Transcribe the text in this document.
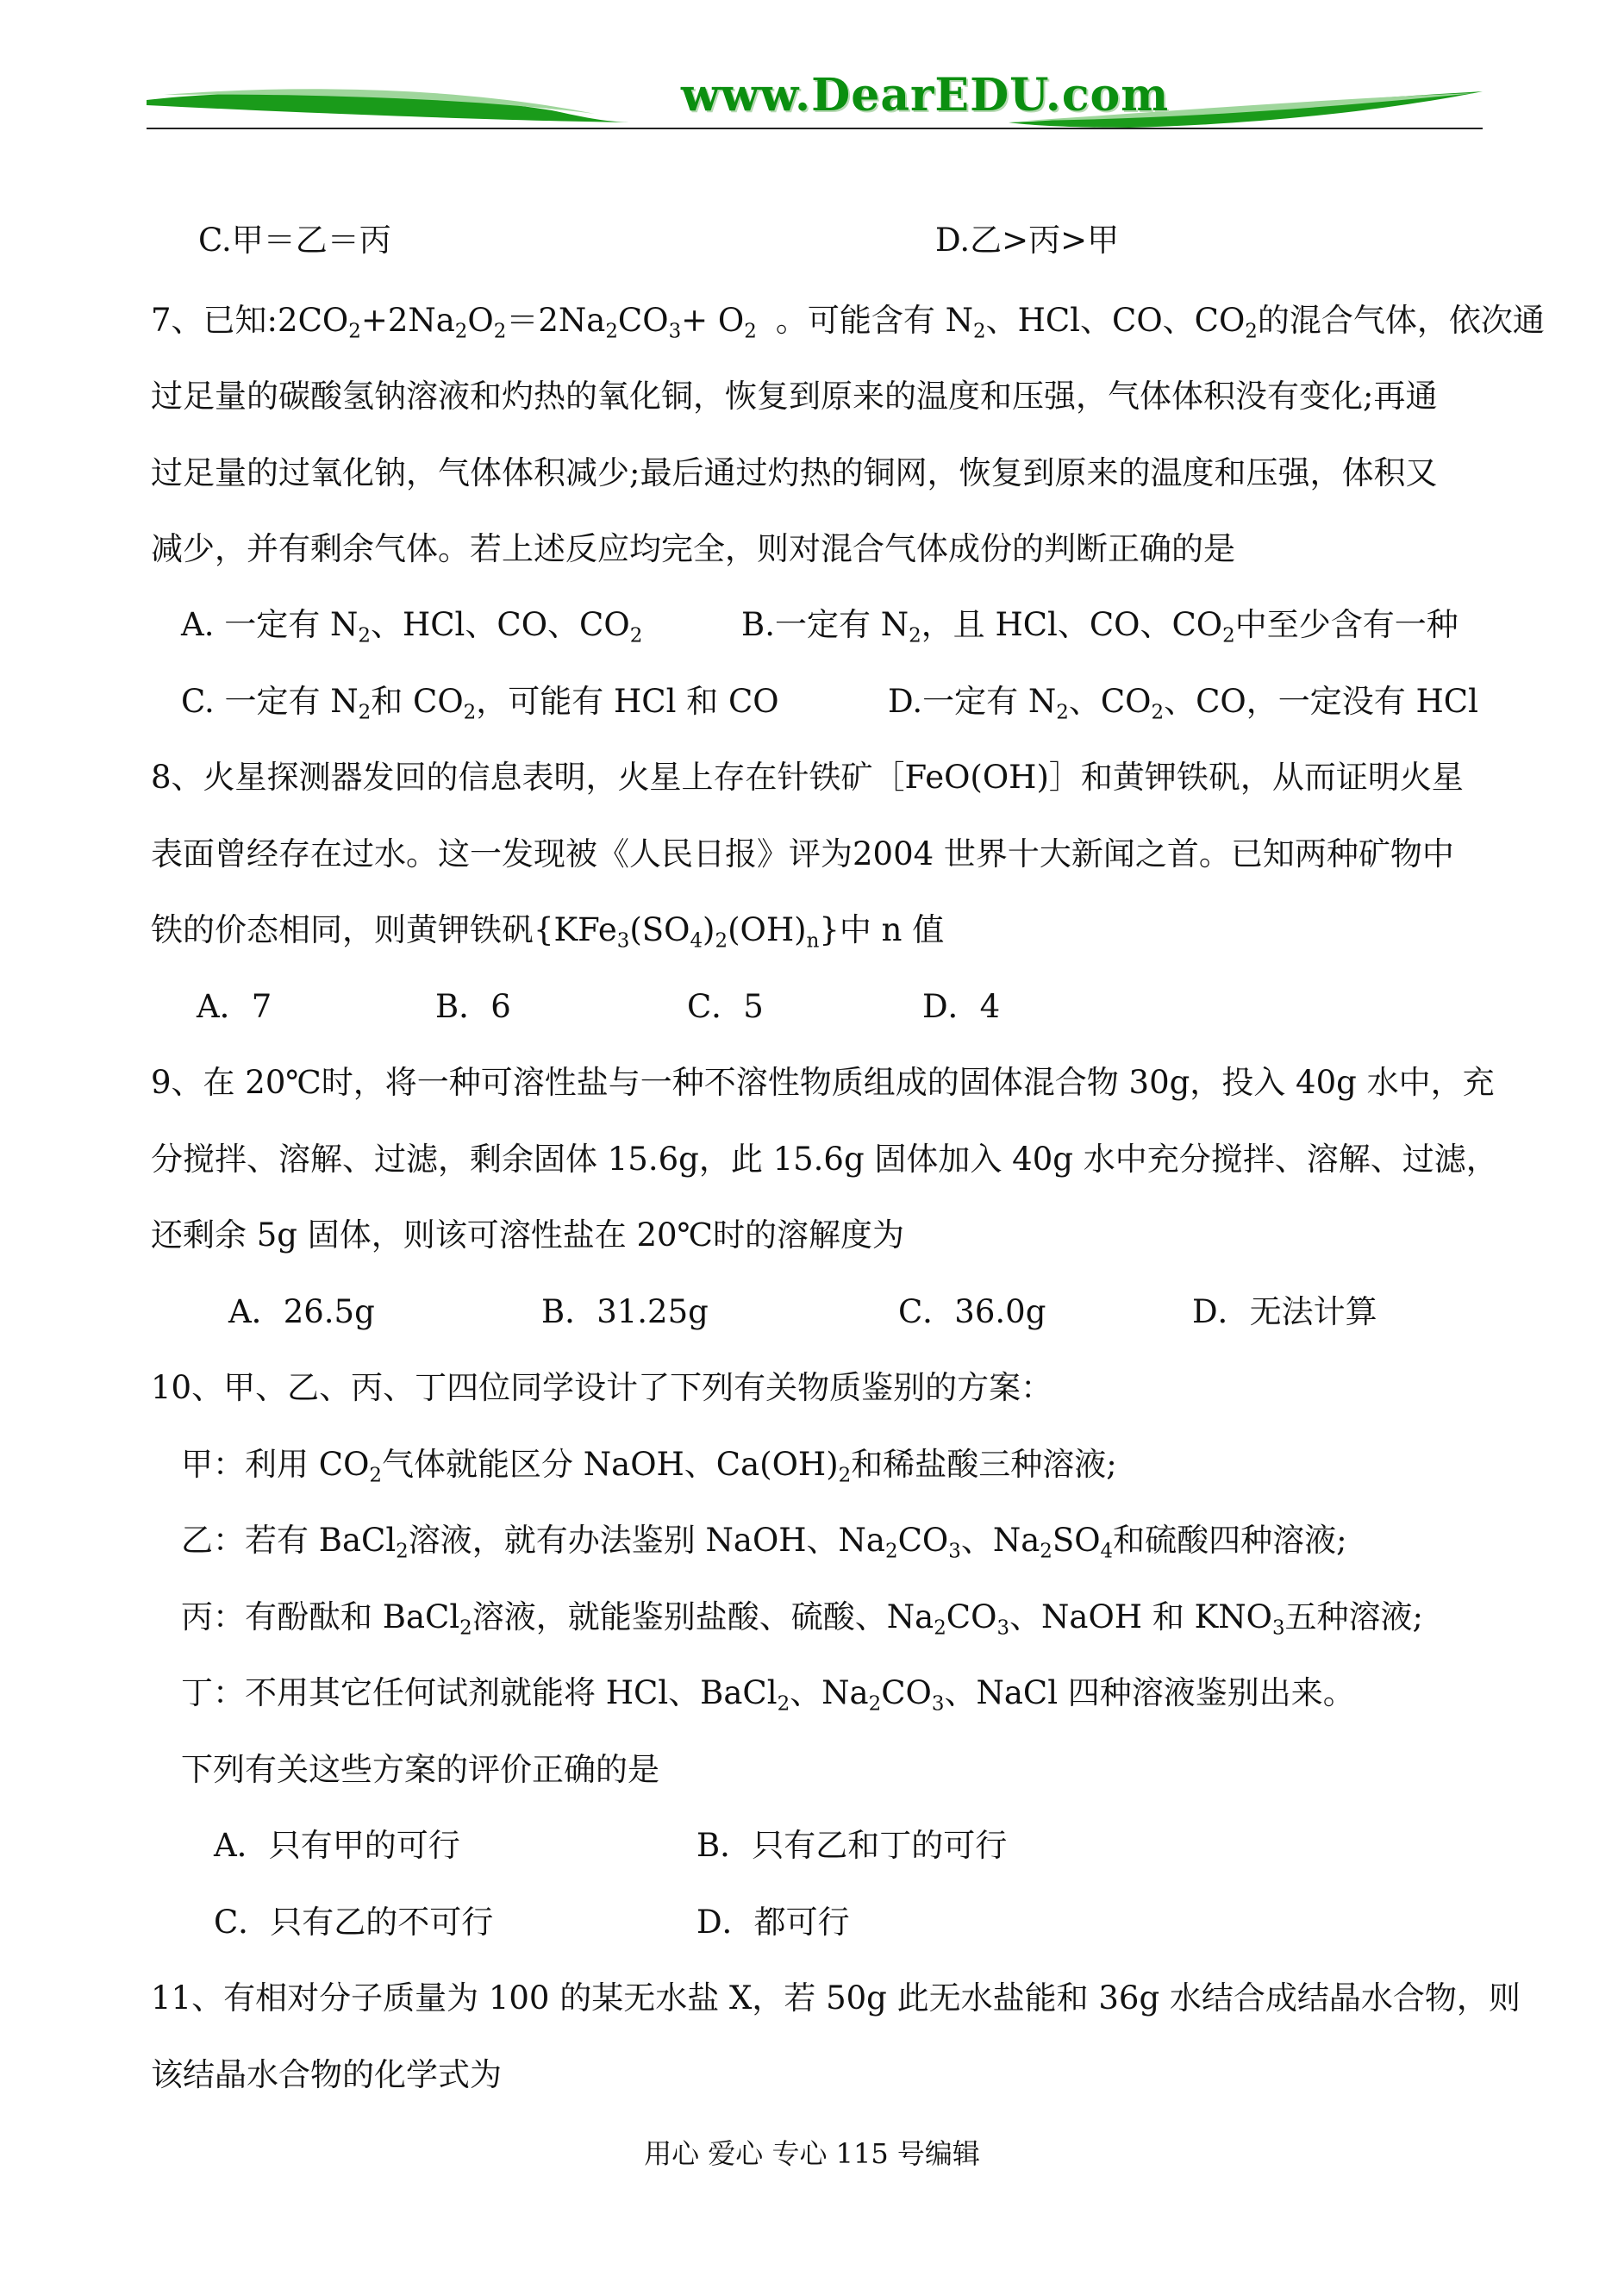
www.DearEDU.com
C.甲＝乙＝丙	D.乙>丙>甲
7、已知$:2CO_2+2Na_2O_2=2Na_2CO_3+ O_2$ 。可能含有 $N_2$、HCl、CO、$CO_2$的混合气体，依次通
过足量的碳酸氢钠溶液和灼热的氧化铜，恢复到原来的温度和压强，气体体积没有变化;再通
过足量的过氧化钠，气体体积减少;最后通过灼热的铜网，恢复到原来的温度和压强，体积又
减少，并有剩余气体。若上述反应均完全，则对混合气体成份的判断正确的是
A. 一定有 $N_2$、HCl、CO、$CO_2$	B.一定有 $N_2$，且 HCl、CO、$CO_2$中至少含有一种
C. 一定有 $N_2$和 $CO_2$，可能有 HCl 和 CO	D.一定有 $N_2$、$CO_2$、CO，一定没有 HCl
8、火星探测器发回的信息表明，火星上存在针铁矿［FeO(OH)］和黄钾铁矾，从而证明火星
表面曾经存在过水。这一发现被《人民日报》评为2004 世界十大新闻之首。已知两种矿物中
铁的价态相同，则黄钾铁矾$\{KFe_3(SO_4)_2(OH)_n\}$中 n 值
A．7	B．6	C．5	D．4
9、在 20℃时，将一种可溶性盐与一种不溶性物质组成的固体混合物 30g，投入 40g 水中，充
分搅拌、溶解、过滤，剩余固体 15.6g，此 15.6g 固体加入 40g 水中充分搅拌、溶解、过滤，
还剩余 5g 固体，则该可溶性盐在 20℃时的溶解度为
A．26.5g	B．31.25g	C．36.0g	D．无法计算
10、甲、乙、丙、丁四位同学设计了下列有关物质鉴别的方案：
甲：利用 $CO_2$气体就能区分 NaOH、$Ca(OH)_2$和稀盐酸三种溶液;
乙：若有 BaCl$_2$溶液，就有办法鉴别 NaOH、$Na_2CO_3$、$Na_2SO_4$和硫酸四种溶液;
丙：有酚酞和 BaCl$_2$溶液，就能鉴别盐酸、硫酸、$Na_2CO_3$、NaOH 和 $KNO_3$五种溶液;
丁：不用其它任何试剂就能将 HCl、BaCl$_2$、$Na_2CO_3$、NaCl 四种溶液鉴别出来。
下列有关这些方案的评价正确的是
A．只有甲的可行	B．只有乙和丁的可行
C．只有乙的不可行	D．都可行
11、有相对分子质量为 100 的某无水盐 X，若 50g 此无水盐能和 36g 水结合成结晶水合物，则
该结晶水合物的化学式为
用心 爱心 专心 115 号编辑
